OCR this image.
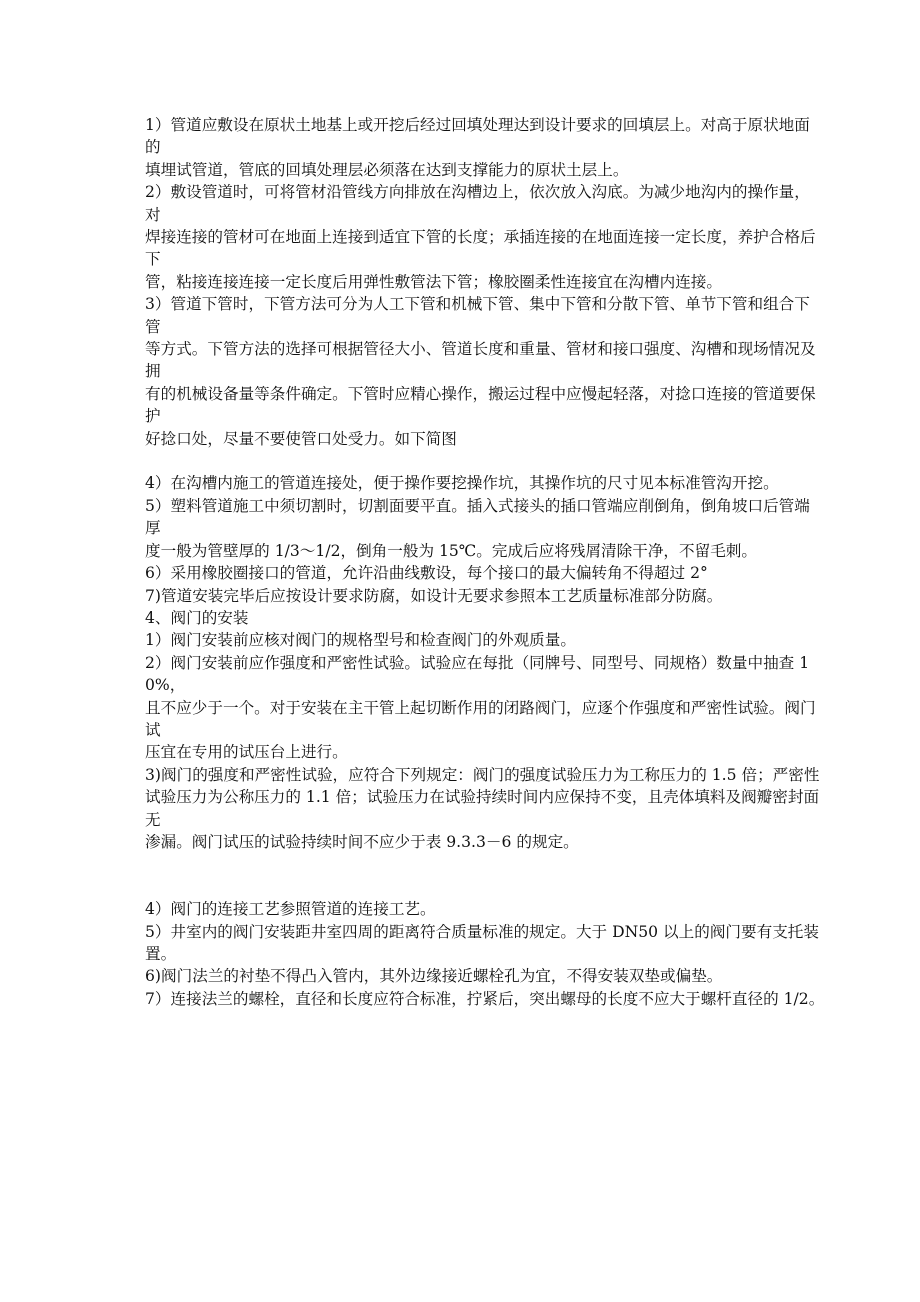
1）管道应敷设在原状土地基上或开挖后经过回填处理达到设计要求的回填层上。对高于原状地面的
填埋试管道，管底的回填处理层必须落在达到支撑能力的原状土层上。
2）敷设管道时，可将管材沿管线方向排放在沟槽边上，依次放入沟底。为减少地沟内的操作量，对
焊接连接的管材可在地面上连接到适宜下管的长度；承插连接的在地面连接一定长度，养护合格后下
管，粘接连接连接一定长度后用弹性敷管法下管；橡胶圈柔性连接宜在沟槽内连接。
3）管道下管时，下管方法可分为人工下管和机械下管、集中下管和分散下管、单节下管和组合下管
等方式。下管方法的选择可根据管径大小、管道长度和重量、管材和接口强度、沟槽和现场情况及拥
有的机械设备量等条件确定。下管时应精心操作，搬运过程中应慢起轻落，对捻口连接的管道要保护
好捻口处，尽量不要使管口处受力。如下简图
4）在沟槽内施工的管道连接处，便于操作要挖操作坑，其操作坑的尺寸见本标准管沟开挖。
5）塑料管道施工中须切割时，切割面要平直。插入式接头的插口管端应削倒角，倒角坡口后管端厚
度一般为管壁厚的 1/3～1/2，倒角一般为 15℃。完成后应将残屑清除干净，不留毛刺。
6）采用橡胶圈接口的管道，允许沿曲线敷设，每个接口的最大偏转角不得超过 2°
7)管道安装完毕后应按设计要求防腐，如设计无要求参照本工艺质量标准部分防腐。
4、阀门的安装
1）阀门安装前应核对阀门的规格型号和检查阀门的外观质量。
2）阀门安装前应作强度和严密性试验。试验应在每批（同牌号、同型号、同规格）数量中抽查 10%，
且不应少于一个。对于安装在主干管上起切断作用的闭路阀门，应逐个作强度和严密性试验。阀门试
压宜在专用的试压台上进行。
3)阀门的强度和严密性试验，应符合下列规定：阀门的强度试验压力为工称压力的 1.5 倍；严密性
试验压力为公称压力的 1.1 倍；试验压力在试验持续时间内应保持不变，且壳体填料及阀瓣密封面无
渗漏。阀门试压的试验持续时间不应少于表 9.3.3－6 的规定。
4）阀门的连接工艺参照管道的连接工艺。
5）井室内的阀门安装距井室四周的距离符合质量标准的规定。大于 DN50 以上的阀门要有支托装置。
6)阀门法兰的衬垫不得凸入管内，其外边缘接近螺栓孔为宜，不得安装双垫或偏垫。
7）连接法兰的螺栓，直径和长度应符合标准，拧紧后，突出螺母的长度不应大于螺杆直径的 1/2。
